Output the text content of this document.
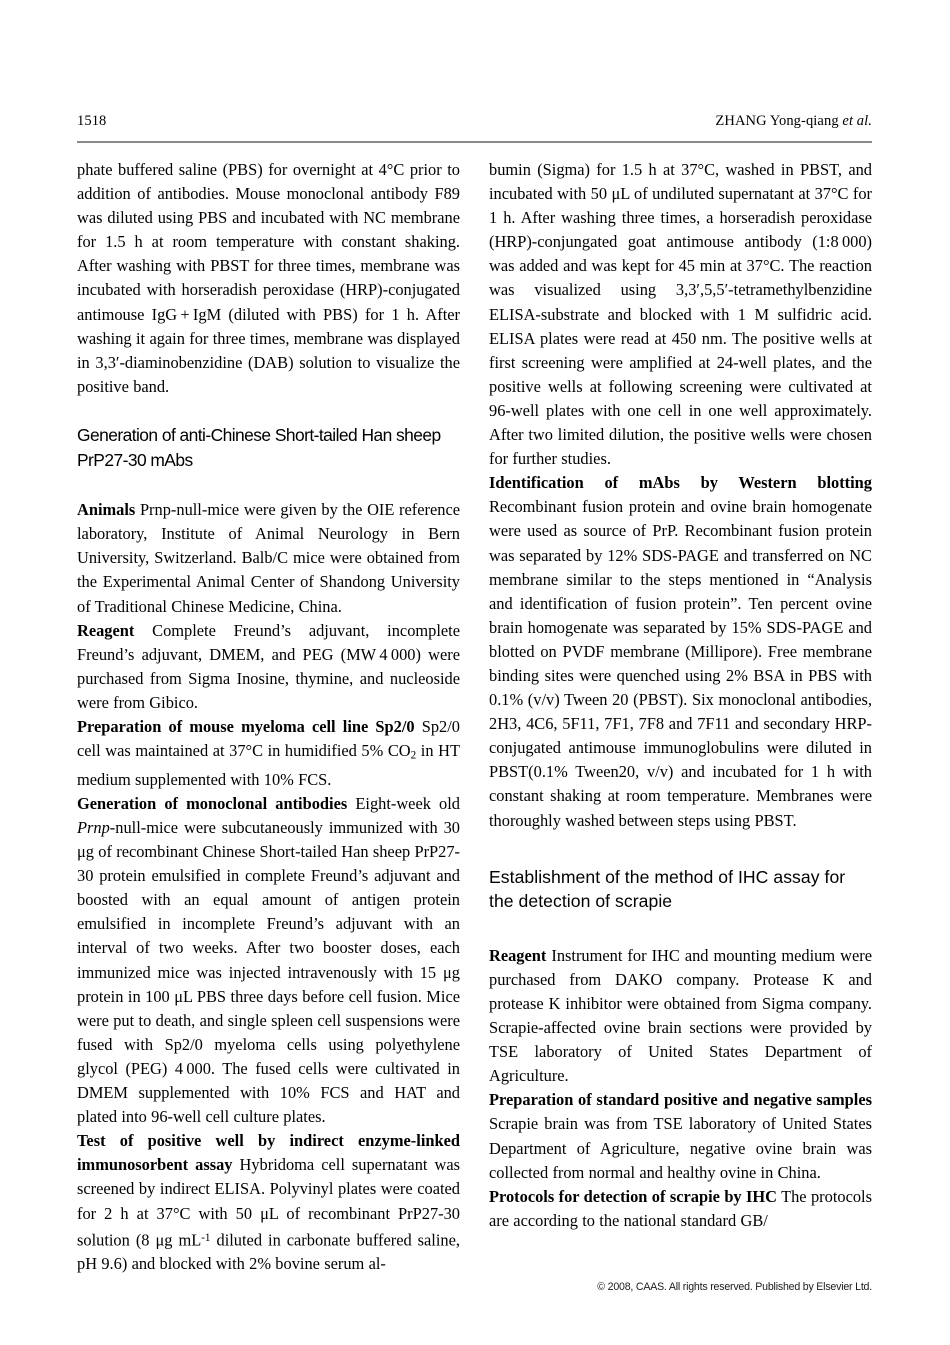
1518	ZHANG Yong-qiang et al.

phate buffered saline (PBS) for overnight at 4°C prior to addition of antibodies. Mouse monoclonal antibody F89 was diluted using PBS and incubated with NC membrane for 1.5 h at room temperature with constant shaking. After washing with PBST for three times, membrane was incubated with horseradish peroxidase (HRP)-conjugated antimouse IgG + IgM (diluted with PBS) for 1 h. After washing it again for three times, membrane was displayed in 3,3′-diaminobenzidine (DAB) solution to visualize the positive band.

Generation of anti-Chinese Short-tailed Han sheep PrP27-30 mAbs

Animals Prnp-null-mice were given by the OIE reference laboratory, Institute of Animal Neurology in Bern University, Switzerland. Balb/C mice were obtained from the Experimental Animal Center of Shandong University of Traditional Chinese Medicine, China.

Reagent Complete Freund’s adjuvant, incomplete Freund’s adjuvant, DMEM, and PEG (MW 4 000) were purchased from Sigma Inosine, thymine, and nucleoside were from Gibico.

Preparation of mouse myeloma cell line Sp2/0 Sp2/0 cell was maintained at 37°C in humidified 5% $CO_2$ in HT medium supplemented with 10% FCS.

Generation of monoclonal antibodies Eight-week old Prnp-null-mice were subcutaneously immunized with 30 μg of recombinant Chinese Short-tailed Han sheep PrP27-30 protein emulsified in complete Freund’s adjuvant and boosted with an equal amount of antigen protein emulsified in incomplete Freund’s adjuvant with an interval of two weeks. After two booster doses, each immunized mice was injected intravenously with 15 μg protein in 100 μL PBS three days before cell fusion. Mice were put to death, and single spleen cell suspensions were fused with Sp2/0 myeloma cells using polyethylene glycol (PEG) 4 000. The fused cells were cultivated in DMEM supplemented with 10% FCS and HAT and plated into 96-well cell culture plates.

Test of positive well by indirect enzyme-linked immunosorbent assay Hybridoma cell supernatant was screened by indirect ELISA. Polyvinyl plates were coated for 2 h at 37°C with 50 μL of recombinant PrP27-30 solution (8 μg $mL^{-1}$ diluted in carbonate buffered saline, pH 9.6) and blocked with 2% bovine serum al-

bumin (Sigma) for 1.5 h at 37°C, washed in PBST, and incubated with 50 μL of undiluted supernatant at 37°C for 1 h. After washing three times, a horseradish peroxidase (HRP)-conjungated goat antimouse antibody (1:8 000) was added and was kept for 45 min at 37°C. The reaction was visualized using 3,3′,5,5′-tetramethylbenzidine ELISA-substrate and blocked with 1 M sulfidric acid. ELISA plates were read at 450 nm. The positive wells at first screening were amplified at 24-well plates, and the positive wells at following screening were cultivated at 96-well plates with one cell in one well approximately. After two limited dilution, the positive wells were chosen for further studies.

Identification of mAbs by Western blotting Recombinant fusion protein and ovine brain homogenate were used as source of PrP. Recombinant fusion protein was separated by 12% SDS-PAGE and transferred on NC membrane similar to the steps mentioned in “Analysis and identification of fusion protein”. Ten percent ovine brain homogenate was separated by 15% SDS-PAGE and blotted on PVDF membrane (Millipore). Free membrane binding sites were quenched using 2% BSA in PBS with 0.1% (v/v) Tween 20 (PBST). Six monoclonal antibodies, 2H3, 4C6, 5F11, 7F1, 7F8 and 7F11 and secondary HRP-conjugated antimouse immunoglobulins were diluted in PBST(0.1% Tween20, v/v) and incubated for 1 h with constant shaking at room temperature. Membranes were thoroughly washed between steps using PBST.

Establishment of the method of IHC assay for the detection of scrapie

Reagent Instrument for IHC and mounting medium were purchased from DAKO company. Protease K and protease K inhibitor were obtained from Sigma company. Scrapie-affected ovine brain sections were provided by TSE laboratory of United States Department of Agriculture.

Preparation of standard positive and negative samples Scrapie brain was from TSE laboratory of United States Department of Agriculture, negative ovine brain was collected from normal and healthy ovine in China.

Protocols for detection of scrapie by IHC The protocols are according to the national standard GB/

© 2008, CAAS. All rights reserved. Published by Elsevier Ltd.
